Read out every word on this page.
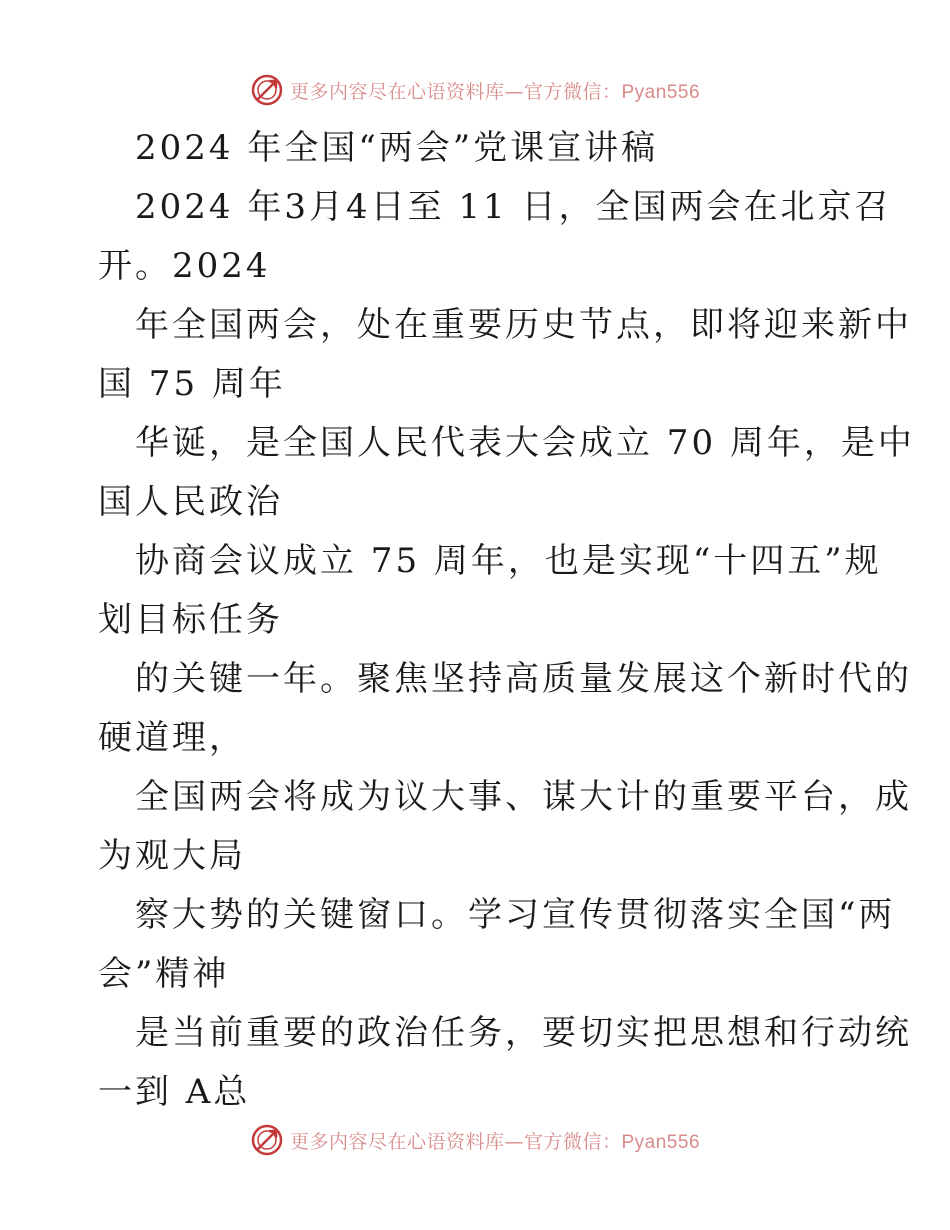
更多内容尽在心语资料库—官方微信：Pyan556
2024 年全国“两会”党课宣讲稿
2024 年3月4日至 11 日，全国两会在北京召
开。2024
年全国两会，处在重要历史节点，即将迎来新中
国 75 周年
华诞，是全国人民代表大会成立 70 周年，是中
国人民政治
协商会议成立 75 周年，也是实现“十四五”规
划目标任务
的关键一年。聚焦坚持高质量发展这个新时代的
硬道理，
全国两会将成为议大事、谋大计的重要平台，成
为观大局
察大势的关键窗口。学习宣传贯彻落实全国“两
会”精神
是当前重要的政治任务，要切实把思想和行动统
一到 A总
更多内容尽在心语资料库—官方微信：Pyan556
